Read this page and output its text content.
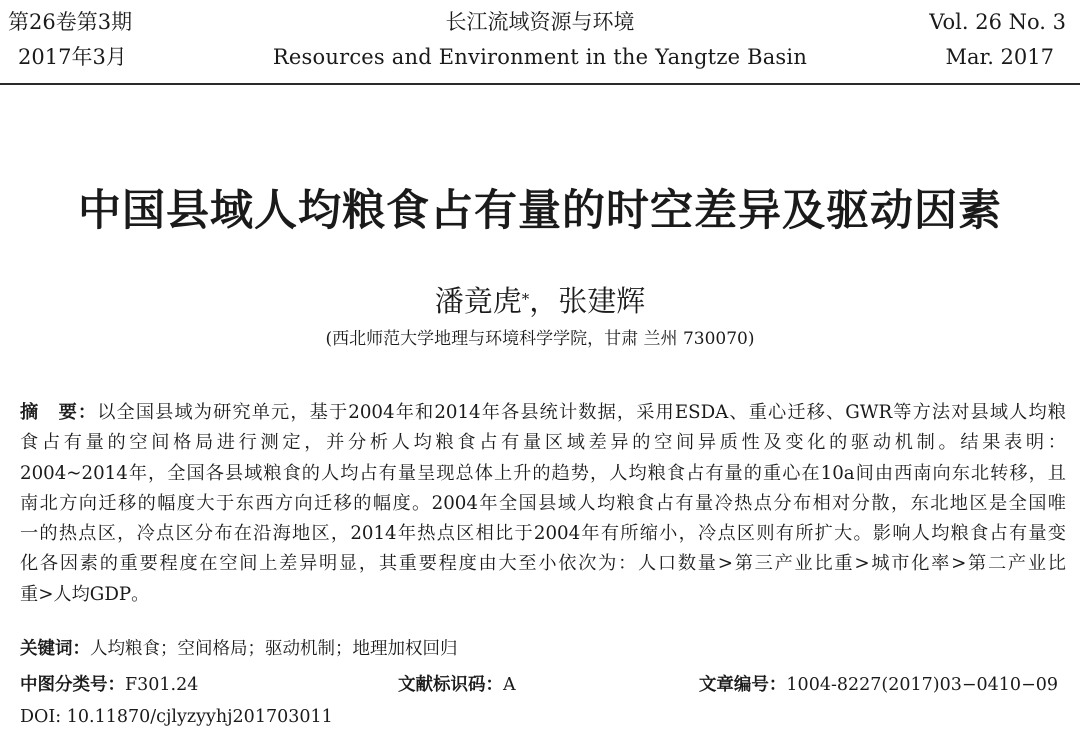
第26卷第3期
2017年3月
长江流域资源与环境
Resources and Environment in the Yangtze Basin
Vol. 26 No. 3
Mar. 2017
中国县域人均粮食占有量的时空差异及驱动因素
潘竟虎*，张建辉
(西北师范大学地理与环境科学学院，甘肃 兰州 730070)
摘　要：以全国县域为研究单元，基于2004年和2014年各县统计数据，采用ESDA、重心迁移、GWR等方法对县域人均粮
食占有量的空间格局进行测定，并分析人均粮食占有量区域差异的空间异质性及变化的驱动机制。结果表明：
2004~2014年，全国各县域粮食的人均占有量呈现总体上升的趋势，人均粮食占有量的重心在10a间由西南向东北转移，且
南北方向迁移的幅度大于东西方向迁移的幅度。2004年全国县域人均粮食占有量冷热点分布相对分散，东北地区是全国唯
一的热点区，冷点区分布在沿海地区，2014年热点区相比于2004年有所缩小，冷点区则有所扩大。影响人均粮食占有量变
化各因素的重要程度在空间上差异明显，其重要程度由大至小依次为：人口数量>第三产业比重>城市化率>第二产业比
重>人均GDP。
关键词：人均粮食；空间格局；驱动机制；地理加权回归
中图分类号：F301.24	文献标识码：A	文章编号：1004-8227(2017)03−0410−09
DOI: 10.11870/cjlyzyyhj201703011
